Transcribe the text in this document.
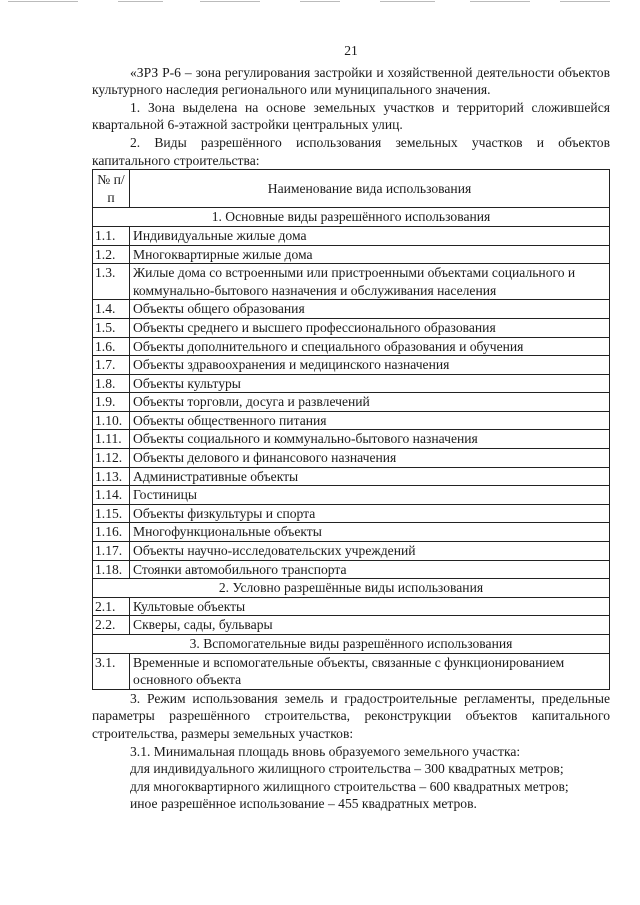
21

«ЗРЗ Р-6 – зона регулирования застройки и хозяйственной деятельности объектов культурного наследия регионального или муниципального значения.

1. Зона выделена на основе земельных участков и территорий сложившейся квартальной 6-этажной застройки центральных улиц.

2. Виды разрешённого использования земельных участков и объектов капитального строительства:

№ п/п	Наименование вида использования
1. Основные виды разрешённого использования	
1.1.	Индивидуальные жилые дома
1.2.	Многоквартирные жилые дома
1.3.	Жилые дома со встроенными или пристроенными объектами социального и коммунально-бытового назначения и обслуживания населения
1.4.	Объекты общего образования
1.5.	Объекты среднего и высшего профессионального образования
1.6.	Объекты дополнительного и специального образования и обучения
1.7.	Объекты здравоохранения и медицинского назначения
1.8.	Объекты культуры
1.9.	Объекты торговли, досуга и развлечений
1.10.	Объекты общественного питания
1.11.	Объекты социального и коммунально-бытового назначения
1.12.	Объекты делового и финансового назначения
1.13.	Административные объекты
1.14.	Гостиницы
1.15.	Объекты физкультуры и спорта
1.16.	Многофункциональные объекты
1.17.	Объекты научно-исследовательских учреждений
1.18.	Стоянки автомобильного транспорта
2. Условно разрешённые виды использования	
2.1.	Культовые объекты
2.2.	Скверы, сады, бульвары
3. Вспомогательные виды разрешённого использования	
3.1.	Временные и вспомогательные объекты, связанные с функционированием основного объекта

3. Режим использования земель и градостроительные регламенты, предельные параметры разрешённого строительства, реконструкции объектов капитального строительства, размеры земельных участков:

3.1. Минимальная площадь вновь образуемого земельного участка:

для индивидуального жилищного строительства – 300 квадратных метров;

для многоквартирного жилищного строительства – 600 квадратных метров;

иное разрешённое использование – 455 квадратных метров.
